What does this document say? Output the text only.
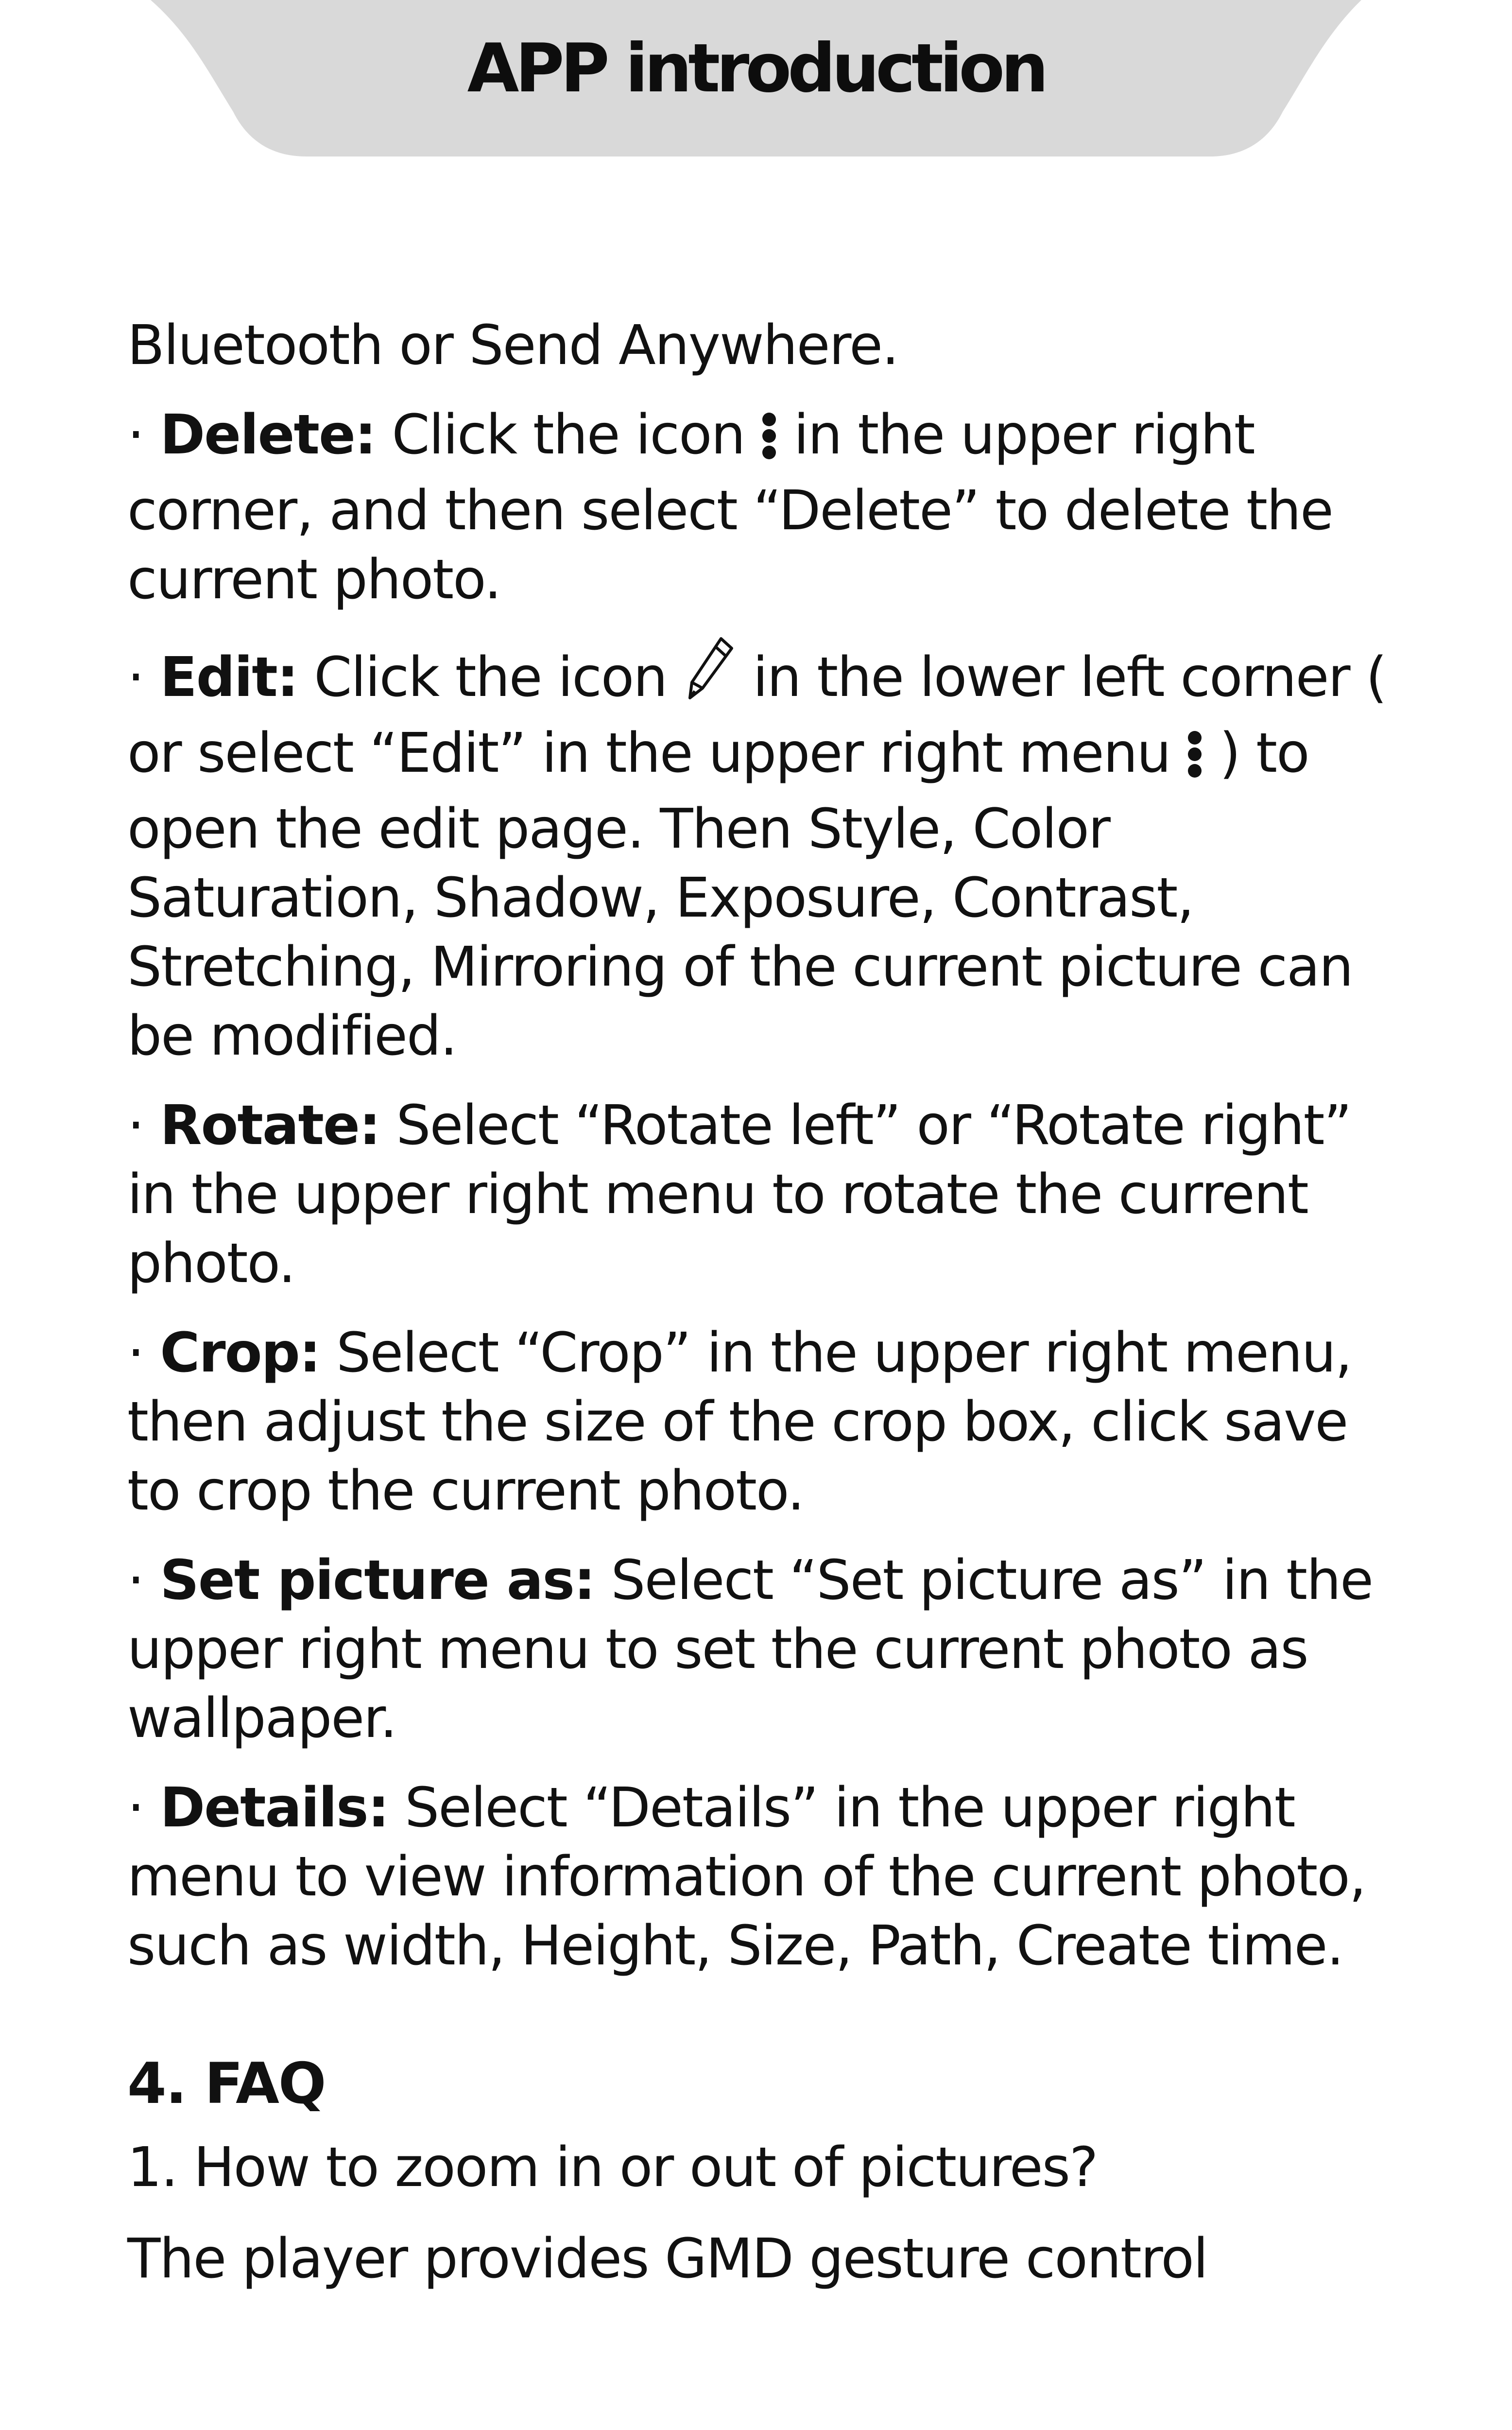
APP introduction

Bluetooth or Send Anywhere.

· Delete: Click the icon  in the upper right corner, and then select “Delete” to delete the current photo.

· Edit: Click the icon  in the lower left corner ( or select “Edit” in the upper right menu  ) to open the edit page. Then Style, Color Saturation, Shadow, Exposure, Contrast, Stretching, Mirroring of the current picture can be modified.

· Rotate: Select “Rotate left” or “Rotate right” in the upper right menu to rotate the current photo.

· Crop: Select “Crop” in the upper right menu, then adjust the size of the crop box, click save to crop the current photo.

· Set picture as: Select “Set picture as” in the upper right menu to set the current photo as wallpaper.

· Details: Select “Details” in the upper right menu to view information of the current photo, such as width, Height, Size, Path, Create time.

4. FAQ

1. How to zoom in or out of pictures?

The player provides GMD gesture control
